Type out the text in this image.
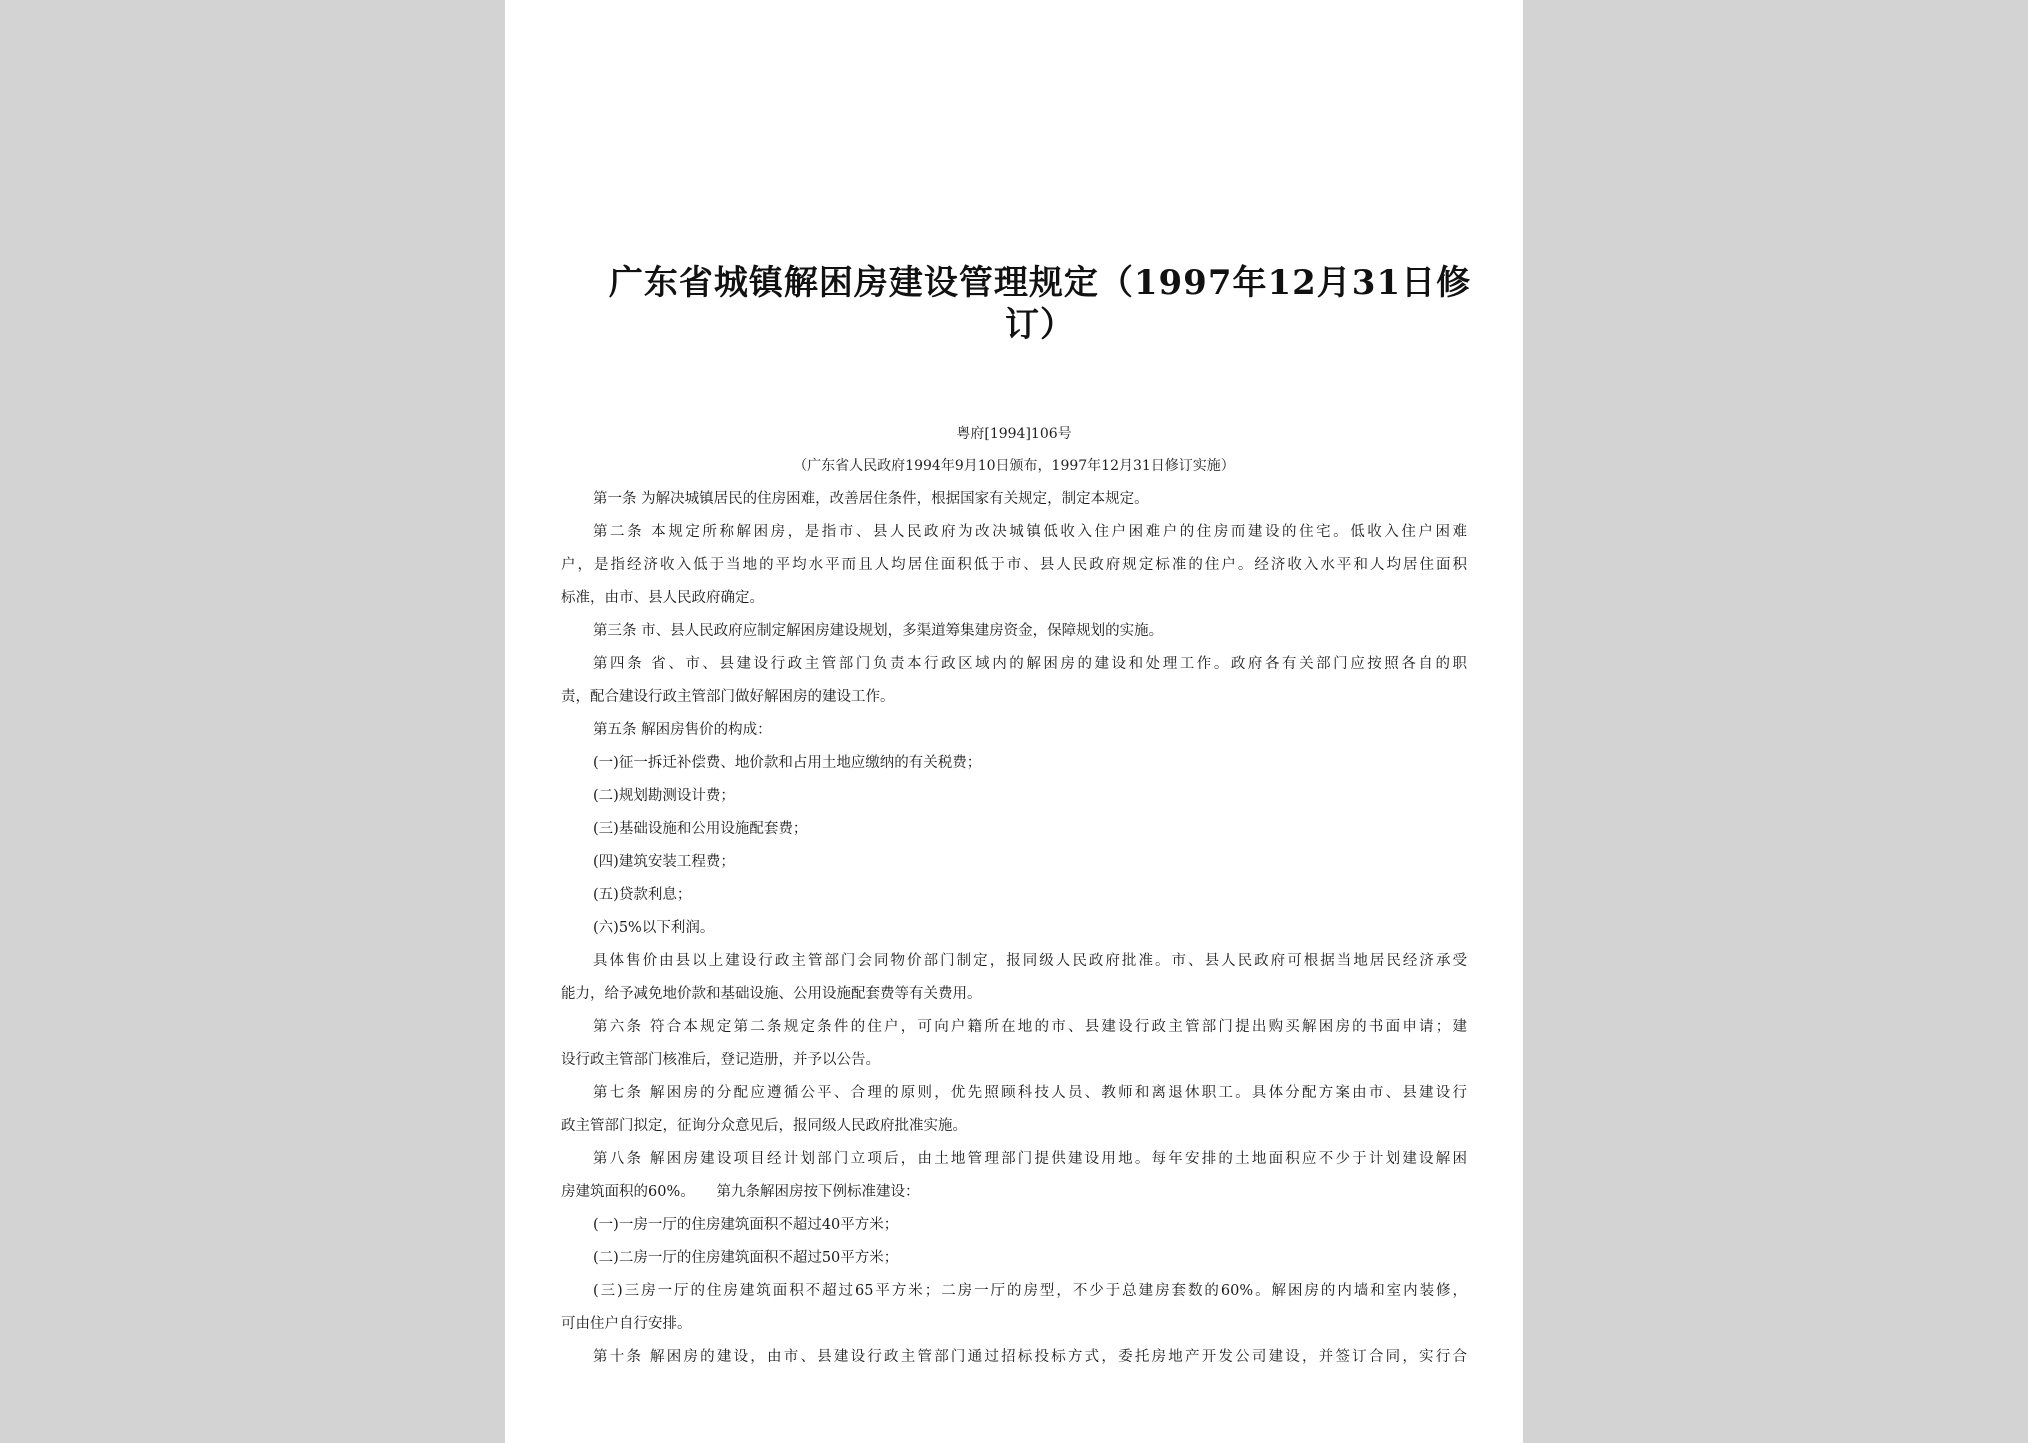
广东省城镇解困房建设管理规定（1997年12月31日修
订）
粤府[1994]106号
（广东省人民政府1994年9月10日颁布，1997年12月31日修订实施）
第一条 为解决城镇居民的住房困难，改善居住条件，根据国家有关规定，制定本规定。
第二条 本规定所称解困房，是指市、县人民政府为改决城镇低收入住户困难户的住房而建设的住宅。低收入住户困难
户，是指经济收入低于当地的平均水平而且人均居住面积低于市、县人民政府规定标准的住户。经济收入水平和人均居住面积
标准，由市、县人民政府确定。
第三条 市、县人民政府应制定解困房建设规划，多渠道筹集建房资金，保障规划的实施。
第四条 省、市、县建设行政主管部门负责本行政区域内的解困房的建设和处理工作。政府各有关部门应按照各自的职
责，配合建设行政主管部门做好解困房的建设工作。
第五条 解困房售价的构成：
(一)征一拆迁补偿费、地价款和占用土地应缴纳的有关税费；
(二)规划勘测设计费；
(三)基础设施和公用设施配套费；
(四)建筑安装工程费；
(五)贷款利息；
(六)5%以下利润。
具体售价由县以上建设行政主管部门会同物价部门制定，报同级人民政府批准。市、县人民政府可根据当地居民经济承受
能力，给予减免地价款和基础设施、公用设施配套费等有关费用。
第六条 符合本规定第二条规定条件的住户，可向户籍所在地的市、县建设行政主管部门提出购买解困房的书面申请；建
设行政主管部门核准后，登记造册，并予以公告。
第七条 解困房的分配应遵循公平、合理的原则，优先照顾科技人员、教师和离退休职工。具体分配方案由市、县建设行
政主管部门拟定，征询分众意见后，报同级人民政府批准实施。
第八条 解困房建设项目经计划部门立项后，由土地管理部门提供建设用地。每年安排的土地面积应不少于计划建设解困
房建筑面积的60%。　　第九条解困房按下例标准建设：
(一)一房一厅的住房建筑面积不超过40平方米；
(二)二房一厅的住房建筑面积不超过50平方米；
(三)三房一厅的住房建筑面积不超过65平方米；二房一厅的房型，不少于总建房套数的60%。解困房的内墙和室内装修，
可由住户自行安排。
第十条 解困房的建设，由市、县建设行政主管部门通过招标投标方式，委托房地产开发公司建设，并签订合同，实行合
